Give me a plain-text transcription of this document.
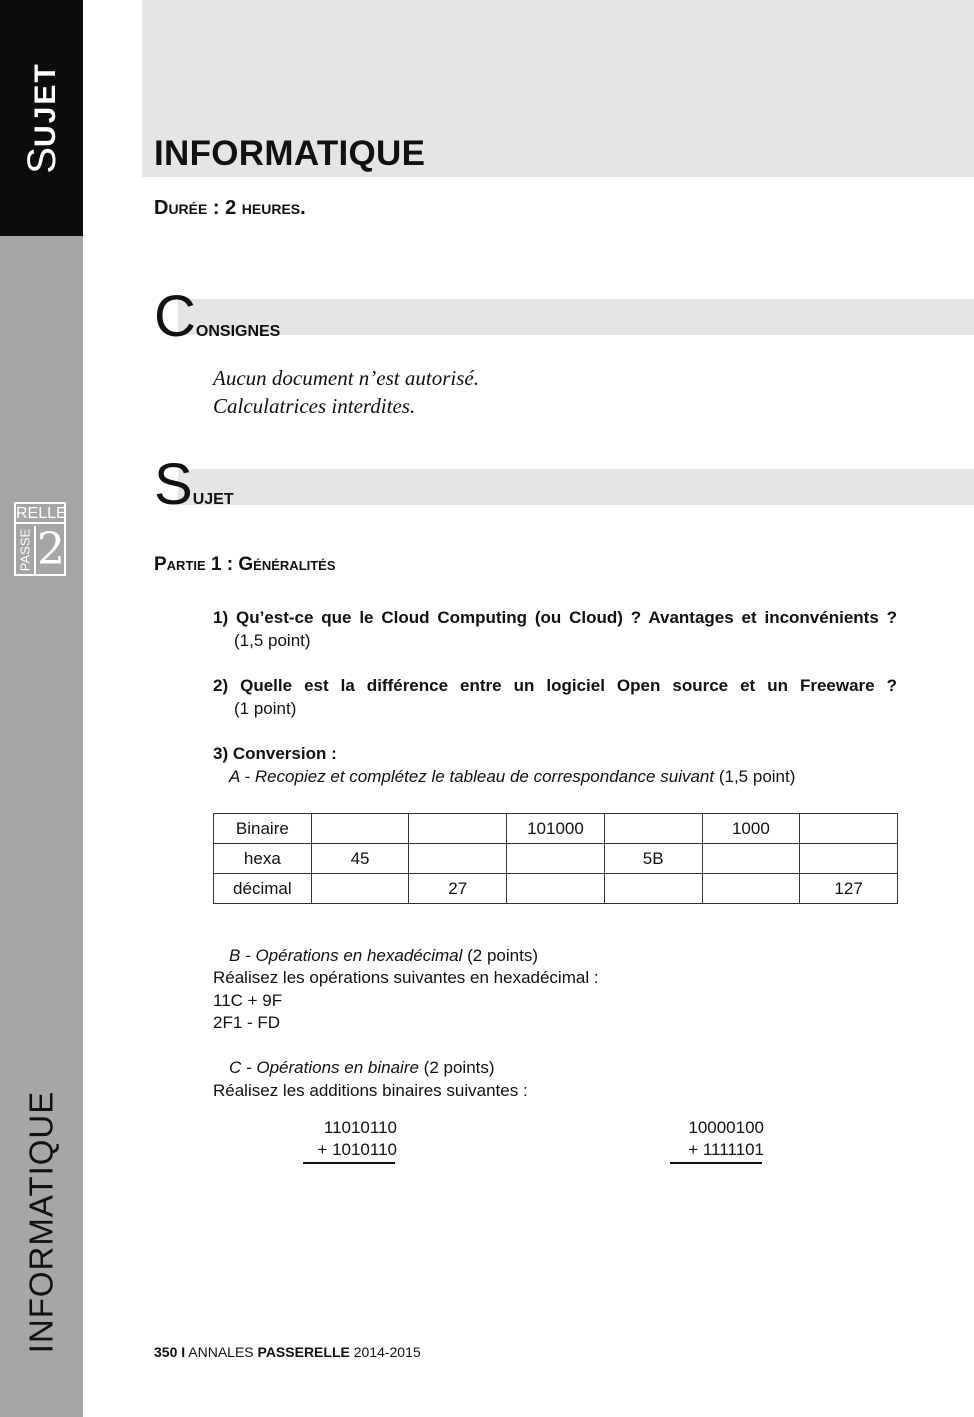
SUJET
RELLE
PASSE 2
INFORMATIQUE
INFORMATIQUE
Durée : 2 heures.
Consignes
Aucun document n’est autorisé.
Calculatrices interdites.
Sujet
Partie 1 : Généralités
1) Qu’est-ce que le Cloud Computing (ou Cloud) ? Avantages et inconvénients ?
(1,5 point)
2) Quelle est la différence entre un logiciel Open source et un Freeware ?
(1 point)
3) Conversion :
A - Recopiez et complétez le tableau de correspondance suivant (1,5 point)
Binaire			101000		1000	
hexa	45			5B		
décimal		27				127
B - Opérations en hexadécimal (2 points)
Réalisez les opérations suivantes en hexadécimal :
11C + 9F
2F1 - FD
C - Opérations en binaire (2 points)
Réalisez les additions binaires suivantes :
11010110
+ 1010110
10000100
+ 1111101
350 I ANNALES PASSERELLE 2014-2015
